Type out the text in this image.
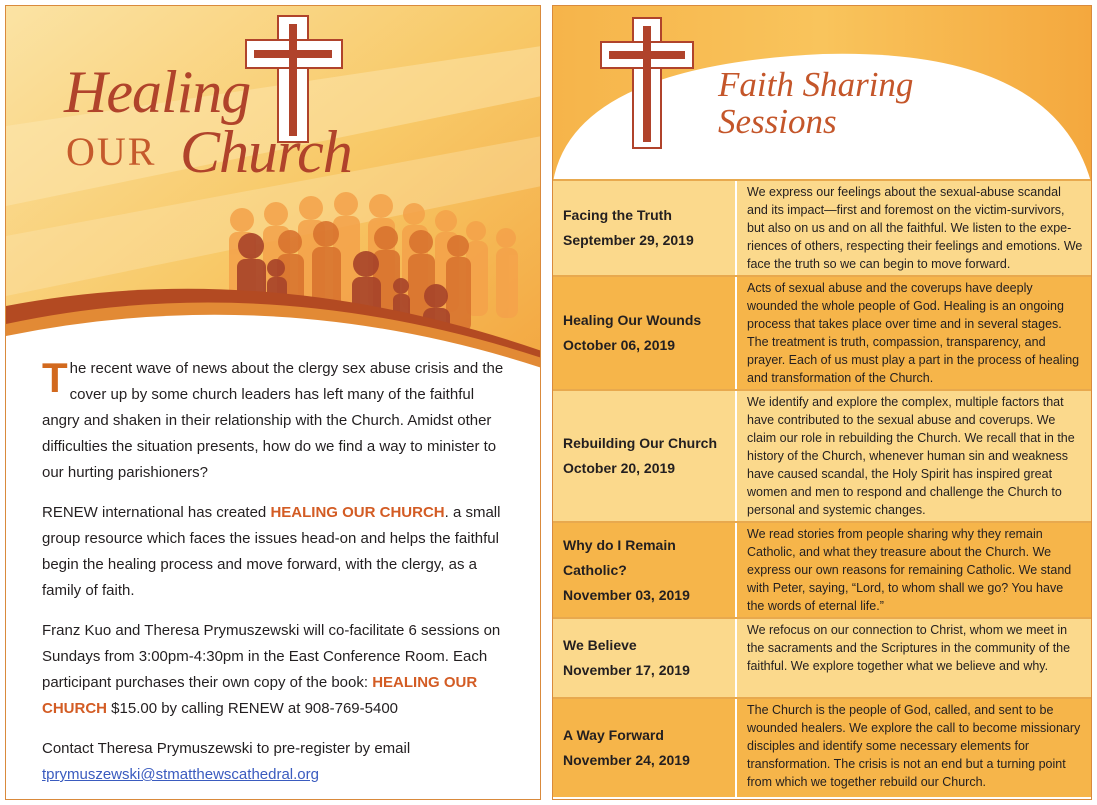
Healing
OUR Church

The recent wave of news about the clergy sex abuse crisis and the cover up by some church leaders has left many of the faithful angry and shaken in their relationship with the Church. Amidst other difficulties the situation presents, how do we find a way to minister to our hurting parishioners?

RENEW international has created HEALING OUR CHURCH. a small group resource which faces the issues head-on and helps the faithful begin the healing process and move forward, with the clergy, as a family of faith.

Franz Kuo and Theresa Prymuszewski will co-facilitate 6 sessions on Sundays from 3:00pm-4:30pm in the East Conference Room. Each participant purchases their own copy of the book: HEALING OUR CHURCH $15.00 by calling RENEW at 908-769-5400

Contact Theresa Prymuszewski to pre-register by email
tprymuszewski@stmatthewscathedral.org

Faith Sharing
Sessions
Facing the Truth
September 29, 2019
We express our feelings about the sexual-abuse scandal and its impact—first and foremost on the victim-survivors, but also on us and on all the faithful. We listen to the expe-riences of others, respecting their feelings and emotions. We face the truth so we can begin to move forward.
Healing Our Wounds
October 06, 2019
Acts of sexual abuse and the coverups have deeply wounded the whole people of God. Healing is an ongoing process that takes place over time and in several stages. The treatment is truth, compassion, transparency, and prayer. Each of us must play a part in the process of healing and transformation of the Church.
Rebuilding Our Church
October 20, 2019
We identify and explore the complex, multiple factors that have contributed to the sexual abuse and coverups. We claim our role in rebuilding the Church. We recall that in the history of the Church, whenever human sin and weakness have caused scandal, the Holy Spirit has inspired great women and men to respond and challenge the Church to personal and systemic changes.
Why do I Remain Catholic?
November 03, 2019
We read stories from people sharing why they remain Catholic, and what they treasure about the Church. We express our own reasons for remaining Catholic. We stand with Peter, saying, “Lord, to whom shall we go? You have the words of eternal life.”
We Believe
November 17, 2019
We refocus on our connection to Christ, whom we meet in the sacraments and the Scriptures in the community of the faithful. We explore together what we believe and why.
A Way Forward
November 24, 2019
The Church is the people of God, called, and sent to be wounded healers. We explore the call to become missionary disciples and identify some necessary elements for transformation. The crisis is not an end but a turning point from which we together rebuild our Church.
